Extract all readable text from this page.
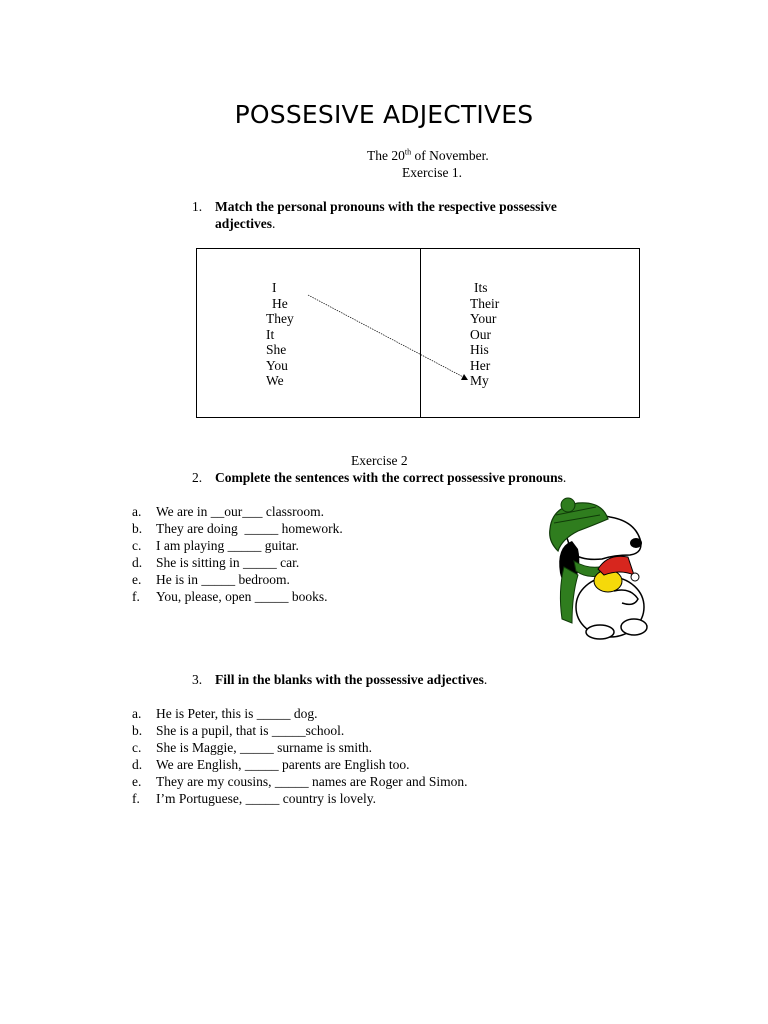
POSSESIVE ADJECTIVES
The 20th of November.
Exercise 1.
1. Match the personal pronouns with the respective possessive
adjectives.
I
He
They
It
She
You
We
Its
Their
Your
Our
His
Her
My
Exercise 2
2. Complete the sentences with the correct possessive pronouns.
a. We are in __our___ classroom.
b. They are doing  _____ homework.
c. I am playing _____ guitar.
d. She is sitting in _____ car.
e. He is in _____ bedroom.
f. You, please, open _____ books.
3. Fill in the blanks with the possessive adjectives.
a. He is Peter, this is _____ dog.
b. She is a pupil, that is _____school.
c. She is Maggie, _____ surname is smith.
d. We are English, _____ parents are English too.
e. They are my cousins, _____ names are Roger and Simon.
f. I’m Portuguese, _____ country is lovely.
